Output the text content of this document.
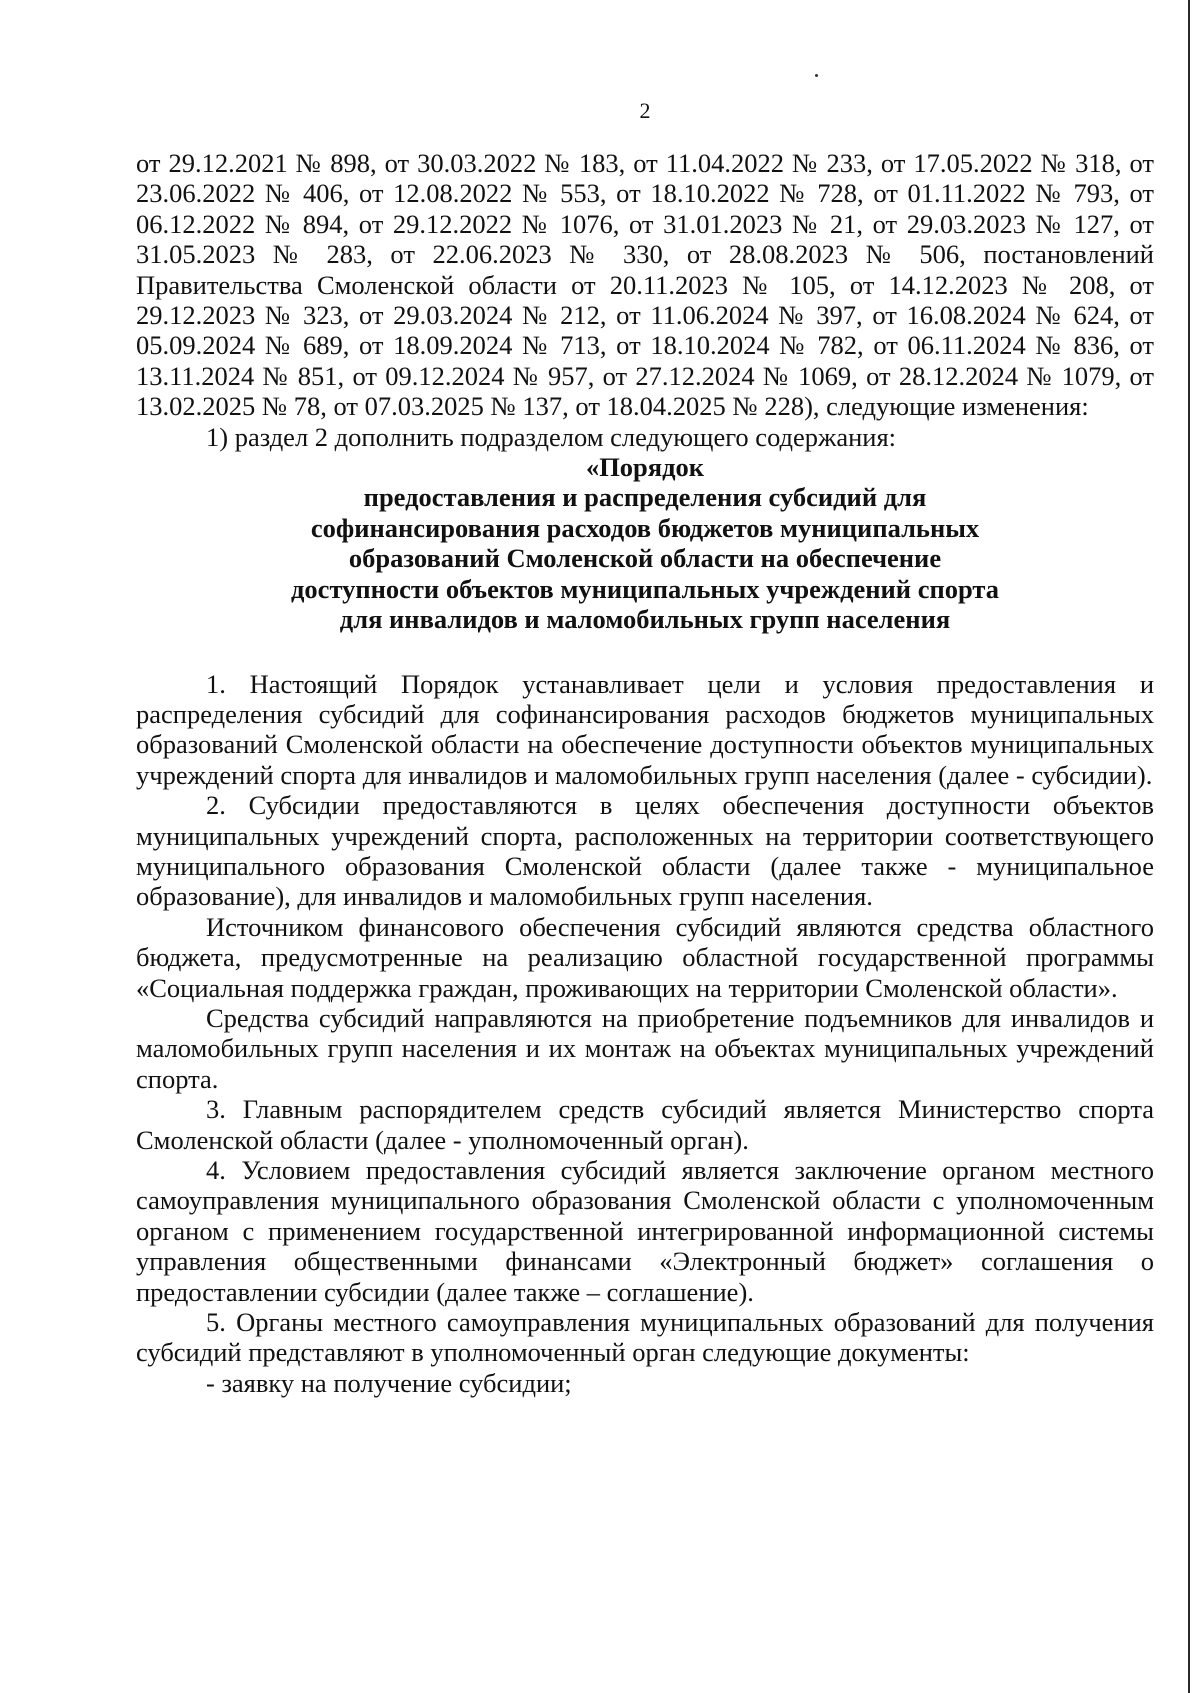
2

от 29.12.2021 № 898, от 30.03.2022 № 183, от 11.04.2022 № 233, от 17.05.2022 № 318, от 23.06.2022 № 406, от 12.08.2022 № 553, от 18.10.2022 № 728, от 01.11.2022 № 793, от 06.12.2022 № 894, от 29.12.2022 № 1076, от 31.01.2023 № 21, от 29.03.2023 № 127, от 31.05.2023 № 283, от 22.06.2023 № 330, от 28.08.2023 № 506, постановлений Правительства Смоленской области от 20.11.2023 № 105, от 14.12.2023 № 208, от 29.12.2023 № 323, от 29.03.2024 № 212, от 11.06.2024 № 397, от 16.08.2024 № 624, от 05.09.2024 № 689, от 18.09.2024 № 713, от 18.10.2024 № 782, от 06.11.2024 № 836, от 13.11.2024 № 851, от 09.12.2024 № 957, от 27.12.2024 № 1069, от 28.12.2024 № 1079, от 13.02.2025 № 78, от 07.03.2025 № 137, от 18.04.2025 № 228), следующие изменения:

1) раздел 2 дополнить подразделом следующего содержания:

«Порядок
предоставления и распределения субсидий для
софинансирования расходов бюджетов муниципальных
образований Смоленской области на обеспечение
доступности объектов муниципальных учреждений спорта
для инвалидов и маломобильных групп населения

1. Настоящий Порядок устанавливает цели и условия предоставления и распределения субсидий для софинансирования расходов бюджетов муниципальных образований Смоленской области на обеспечение доступности объектов муниципальных учреждений спорта для инвалидов и маломобильных групп населения (далее - субсидии).

2. Субсидии предоставляются в целях обеспечения доступности объектов муниципальных учреждений спорта, расположенных на территории соответствующего муниципального образования Смоленской области (далее также - муниципальное образование), для инвалидов и маломобильных групп населения.

Источником финансового обеспечения субсидий являются средства областного бюджета, предусмотренные на реализацию областной государственной программы «Социальная поддержка граждан, проживающих на территории Смоленской области».

Средства субсидий направляются на приобретение подъемников для инвалидов и маломобильных групп населения и их монтаж на объектах муниципальных учреждений спорта.

3. Главным распорядителем средств субсидий является Министерство спорта Смоленской области (далее - уполномоченный орган).

4. Условием предоставления субсидий является заключение органом местного самоуправления муниципального образования Смоленской области с уполномоченным органом с применением государственной интегрированной информационной системы управления общественными финансами «Электронный бюджет» соглашения о предоставлении субсидии (далее также – соглашение).

5. Органы местного самоуправления муниципальных образований для получения субсидий представляют в уполномоченный орган следующие документы:

- заявку на получение субсидии;
